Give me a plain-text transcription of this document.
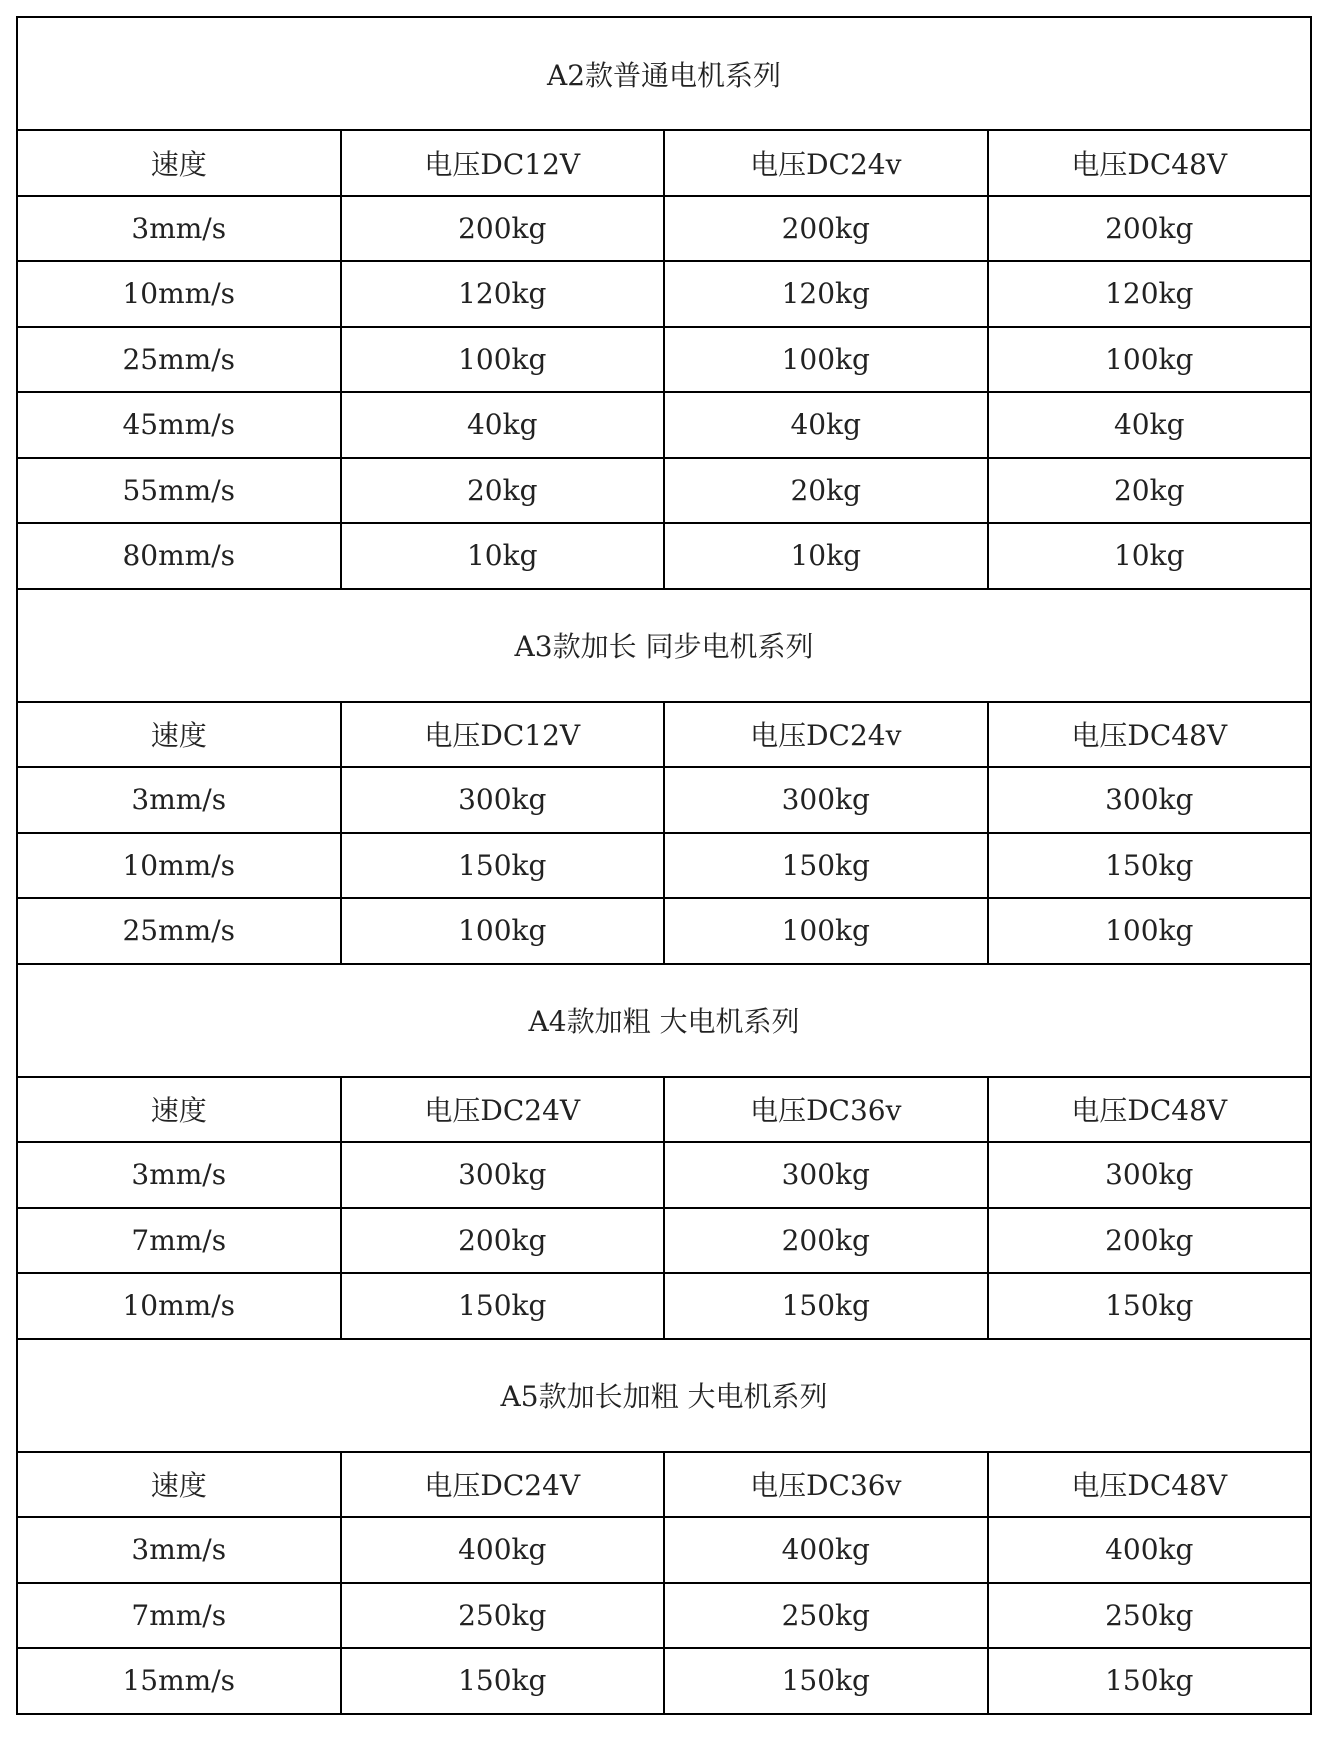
A2款普通电机系列			
速度	电压DC12V	电压DC24v	电压DC48V
3mm/s	200kg	200kg	200kg
10mm/s	120kg	120kg	120kg
25mm/s	100kg	100kg	100kg
45mm/s	40kg	40kg	40kg
55mm/s	20kg	20kg	20kg
80mm/s	10kg	10kg	10kg
A3款加长 同步电机系列			
速度	电压DC12V	电压DC24v	电压DC48V
3mm/s	300kg	300kg	300kg
10mm/s	150kg	150kg	150kg
25mm/s	100kg	100kg	100kg
A4款加粗 大电机系列			
速度	电压DC24V	电压DC36v	电压DC48V
3mm/s	300kg	300kg	300kg
7mm/s	200kg	200kg	200kg
10mm/s	150kg	150kg	150kg
A5款加长加粗 大电机系列			
速度	电压DC24V	电压DC36v	电压DC48V
3mm/s	400kg	400kg	400kg
7mm/s	250kg	250kg	250kg
15mm/s	150kg	150kg	150kg
